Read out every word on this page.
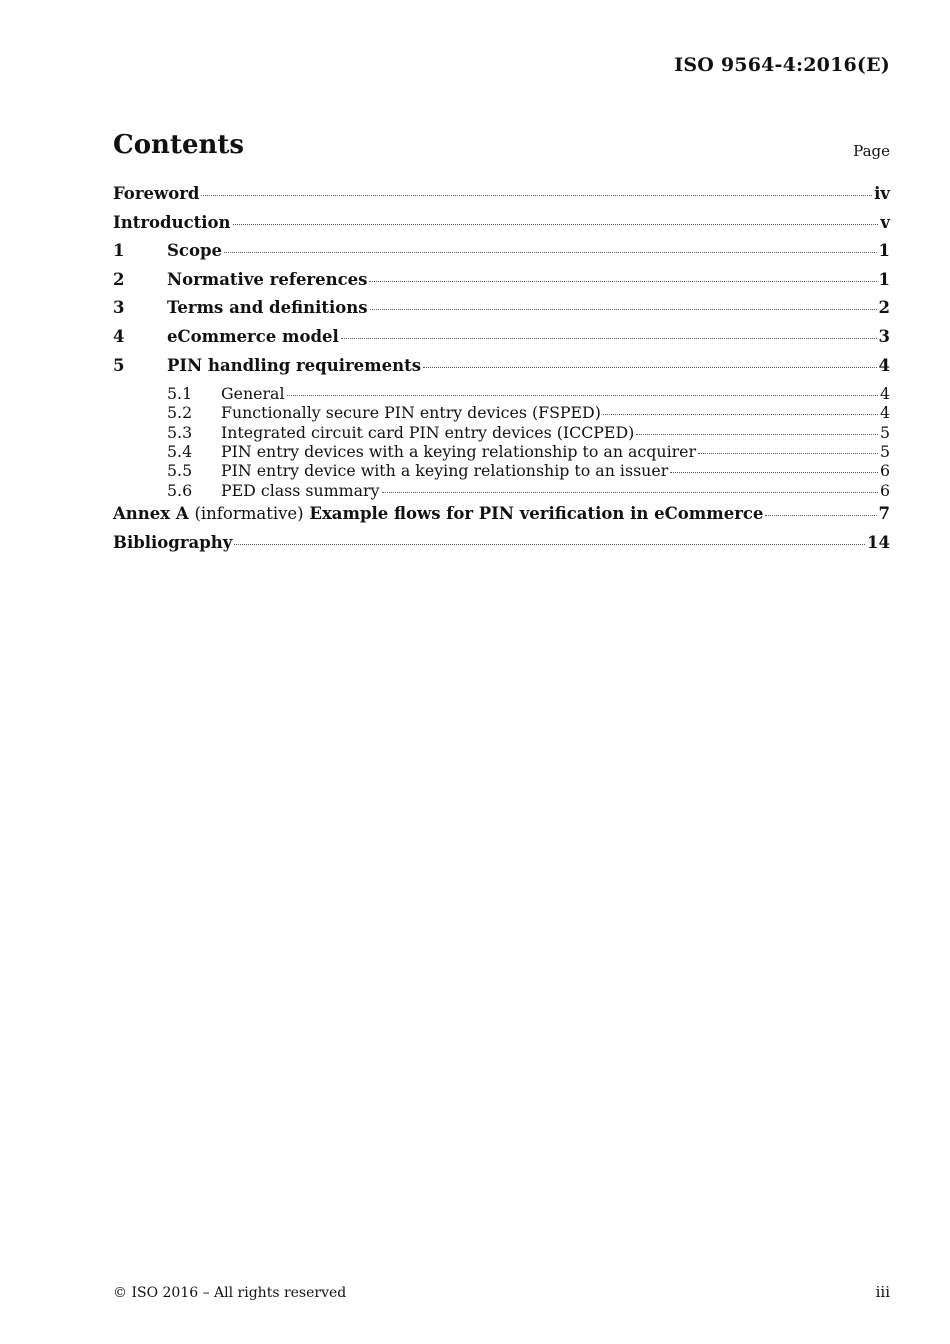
ISO 9564-4:2016(E)
Contents	Page
Foreword	iv
Introduction	v
1	Scope	1
2	Normative references	1
3	Terms and definitions	2
4	eCommerce model	3
5	PIN handling requirements	4
5.1	General	4
5.2	Functionally secure PIN entry devices (FSPED)	4
5.3	Integrated circuit card PIN entry devices (ICCPED)	5
5.4	PIN entry devices with a keying relationship to an acquirer	5
5.5	PIN entry device with a keying relationship to an issuer	6
5.6	PED class summary	6
Annex A (informative) Example flows for PIN verification in eCommerce	7
Bibliography	14
© ISO 2016 – All rights reserved	iii
